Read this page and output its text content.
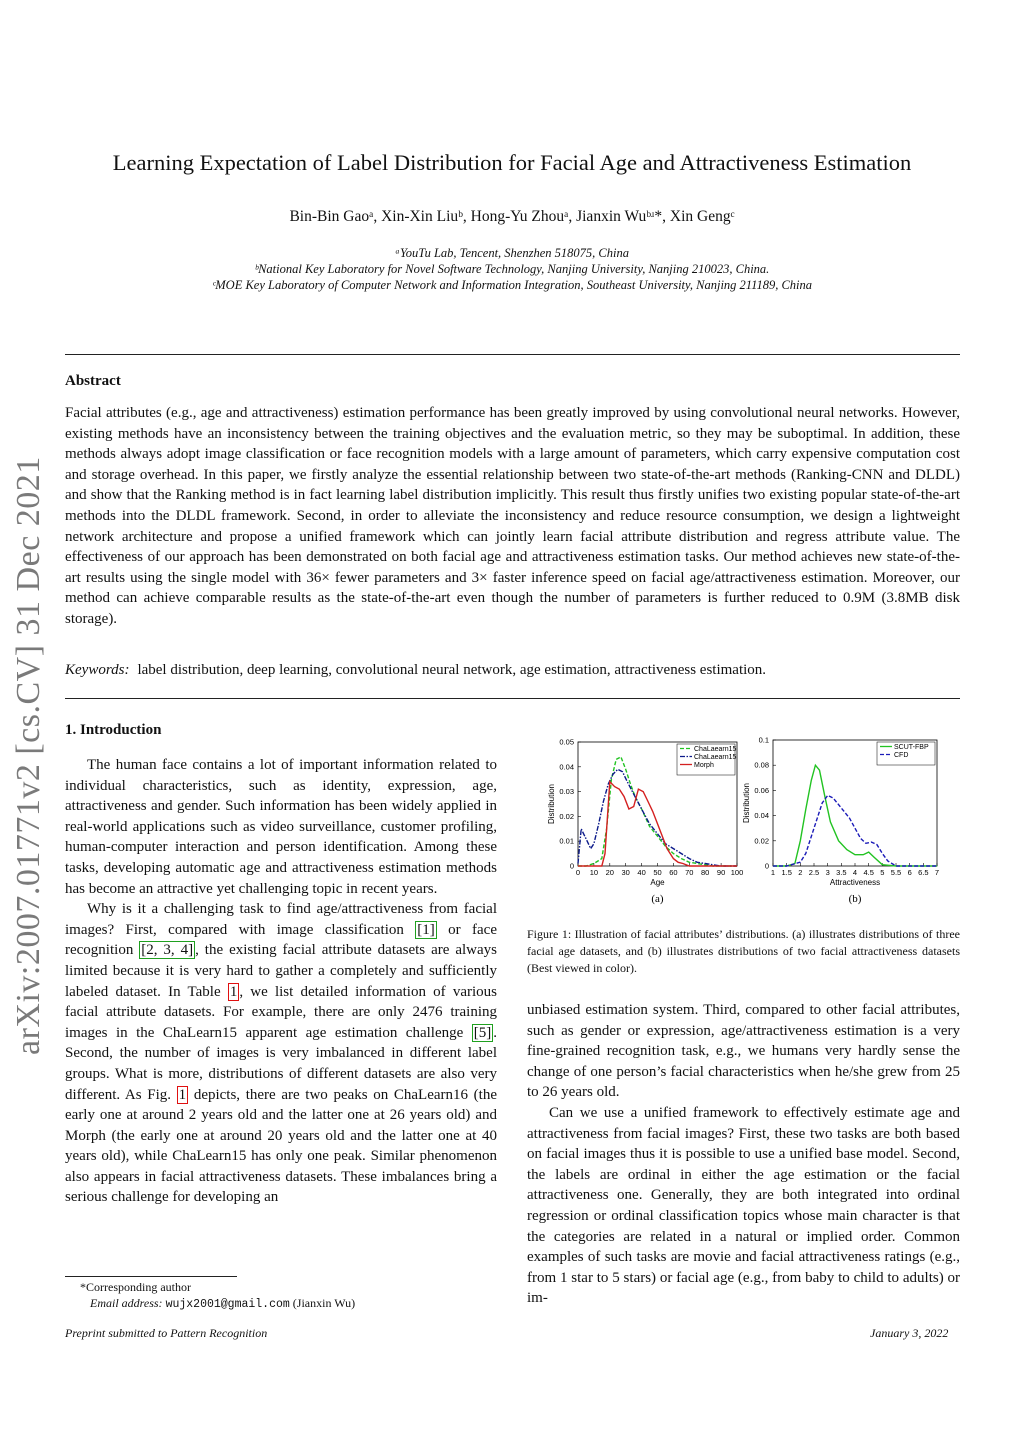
arXiv:2007.01771v2 [cs.CV] 31 Dec 2021
Learning Expectation of Label Distribution for Facial Age and Attractiveness Estimation
Bin-Bin Gaoᵃ, Xin-Xin Liuᵇ, Hong-Yu Zhouᵃ, Jianxin Wuᵇʴ*, Xin Gengᶜ
ᵃYouTu Lab, Tencent, Shenzhen 518075, China
ᵇNational Key Laboratory for Novel Software Technology, Nanjing University, Nanjing 210023, China.
ᶜMOE Key Laboratory of Computer Network and Information Integration, Southeast University, Nanjing 211189, China
Abstract
Facial attributes (e.g., age and attractiveness) estimation performance has been greatly improved by using convolutional neural networks. However, existing methods have an inconsistency between the training objectives and the evaluation metric, so they may be suboptimal. In addition, these methods always adopt image classification or face recognition models with a large amount of parameters, which carry expensive computation cost and storage overhead. In this paper, we firstly analyze the essential relationship between two state-of-the-art methods (Ranking-CNN and DLDL) and show that the Ranking method is in fact learning label distribution implicitly. This result thus firstly unifies two existing popular state-of-the-art methods into the DLDL framework. Second, in order to alleviate the inconsistency and reduce resource consumption, we design a lightweight network architecture and propose a unified framework which can jointly learn facial attribute distribution and regress attribute value. The effectiveness of our approach has been demonstrated on both facial age and attractiveness estimation tasks. Our method achieves new state-of-the-art results using the single model with 36× fewer parameters and 3× faster inference speed on facial age/attractiveness estimation. Moreover, our method can achieve comparable results as the state-of-the-art even though the number of parameters is further reduced to 0.9M (3.8MB disk storage).
Keywords: label distribution, deep learning, convolutional neural network, age estimation, attractiveness estimation.
1. Introduction

The human face contains a lot of important information related to individual characteristics, such as identity, expression, age, attractiveness and gender. Such information has been widely applied in real-world applications such as video surveillance, customer profiling, human-computer interaction and person identification. Among these tasks, developing automatic age and attractiveness estimation methods has become an attractive yet challenging topic in recent years.

Why is it a challenging task to find age/attractiveness from facial images? First, compared with image classification [1] or face recognition [2, 3, 4] , the existing facial attribute datasets are always limited because it is very hard to gather a completely and sufficiently labeled dataset. In Table 1 , we list detailed information of various facial attribute datasets. For example, there are only 2476 training images in the ChaLearn15 apparent age estimation challenge [5] . Second, the number of images is very imbalanced in different label groups. What is more, distributions of different datasets are also very different. As Fig. 1 depicts, there are two peaks on ChaLearn16 (the early one at around 2 years old and the latter one at 26 years old) and Morph (the early one at around 20 years old and the latter one at 40 years old), while ChaLearn15 has only one peak. Similar phenomenon also appears in facial attractiveness datasets. These imbalances bring a serious challenge for developing an

0 10 20 30 40 50 60 70 80 90 100
0
0.01
0.02
0.03
0.04
0.05
Age
Distribution
ChaLaearn15
ChaLaearn15
Morph
(a)
1 1.5 2 2.5 3 3.5 4 4.5 5 5.5 6 6.5 7
0
0.02
0.04
0.06
0.08
0.1
Attractiveness
Distribution
SCUT-FBP
CFD
(b)
Figure 1: Illustration of facial attributes’ distributions. (a) illustrates distributions of three facial age datasets, and (b) illustrates distributions of two facial attractiveness datasets (Best viewed in color).

unbiased estimation system. Third, compared to other facial attributes, such as gender or expression, age/attractiveness estimation is a very fine-grained recognition task, e.g., we humans very hardly sense the change of one person’s facial characteristics when he/she grew from 25 to 26 years old.

Can we use a unified framework to effectively estimate age and attractiveness from facial images? First, these two tasks are both based on facial images thus it is possible to use a unified base model. Second, the labels are ordinal in either the age estimation or the facial attractiveness one. Generally, they are both integrated into ordinal regression or ordinal classification topics whose main character is that the categories are related in a natural or implied order. Common examples of such tasks are movie and facial attractiveness ratings (e.g., from 1 star to 5 stars) or facial age (e.g., from baby to child to adults) or im-

*Corresponding author
Email address: wujx2001@gmail.com (Jianxin Wu)
Preprint submitted to Pattern Recognition	January 3, 2022
